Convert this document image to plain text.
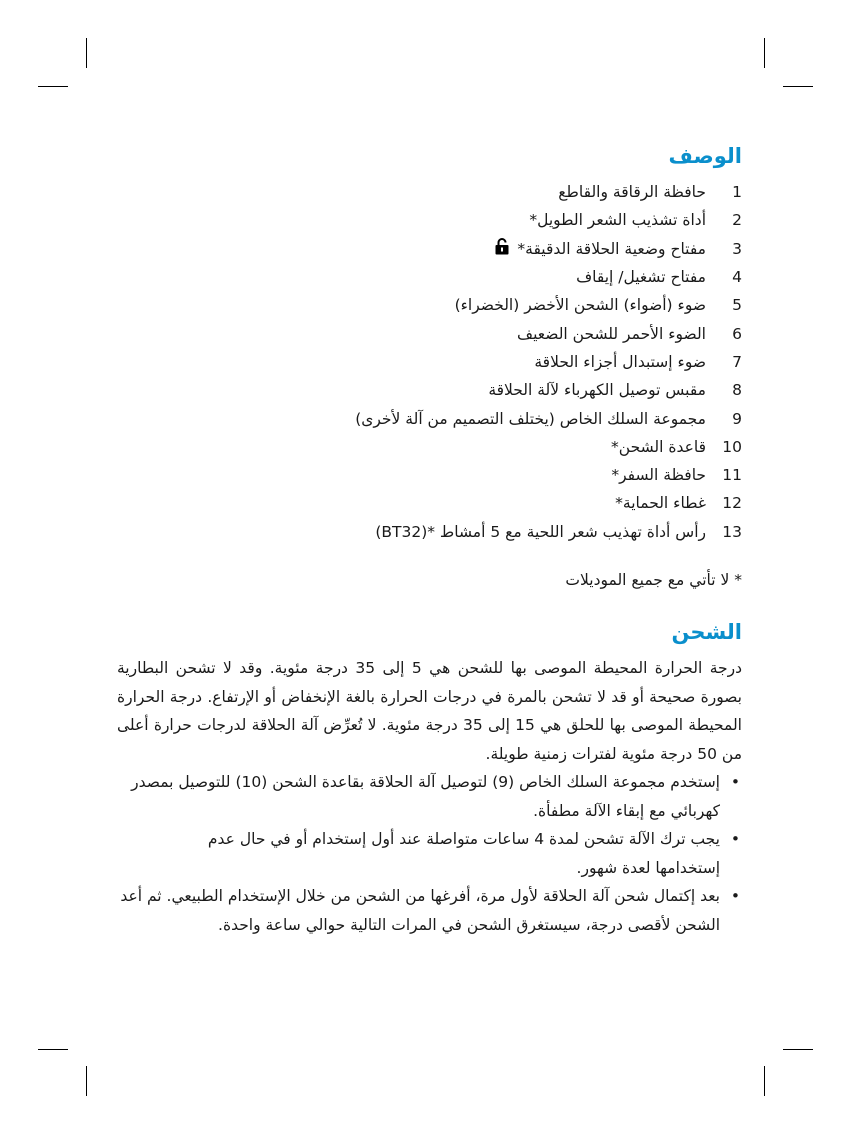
الوصف
1
حافظة الرقاقة والقاطع
2
أداة تشذيب الشعر الطويل*
3
مفتاح وضعية الحلاقة الدقيقة*
4
مفتاح تشغيل/ إيقاف
5
ضوء (أضواء) الشحن الأخضر (الخضراء)
6
الضوء الأحمر للشحن الضعيف
7
ضوء إستبدال أجزاء الحلاقة
8
مقبس توصيل الكهرباء لآلة الحلاقة
9
مجموعة السلك الخاص (يختلف التصميم من آلة لأخرى)
10
قاعدة الشحن*
11
حافظة السفر*
12
غطاء الحماية*
13
رأس أداة تهذيب شعر اللحية مع 5 أمشاط *(BT32)
* لا تأتي مع جميع الموديلات
الشحن

درجة الحرارة المحيطة الموصى بها للشحن هي 5 إلى 35 درجة مئوية. وقد لا تشحن البطارية بصورة صحيحة أو قد لا تشحن بالمرة في درجات الحرارة بالغة الإنخفاض أو الإرتفاع. درجة الحرارة المحيطة الموصى بها للحلق هي 15 إلى 35 درجة مئوية. لا تُعرِّض آلة الحلاقة لدرجات حرارة أعلى من 50 درجة مئوية لفترات زمنية طويلة.

•
إستخدم مجموعة السلك الخاص (9) لتوصيل آلة الحلاقة بقاعدة الشحن (10) للتوصيل بمصدر كهربائي مع إبقاء الآلة مطفأة.
•
يجب ترك الآلة تشحن لمدة 4 ساعات متواصلة عند أول إستخدام أو في حال عدم إستخدامها لعدة شهور.
•
بعد إكتمال شحن آلة الحلاقة لأول مرة، أفرغها من الشحن من خلال الإستخدام الطبيعي. ثم أعد الشحن لأقصى درجة، سيستغرق الشحن في المرات التالية حوالي ساعة واحدة.
